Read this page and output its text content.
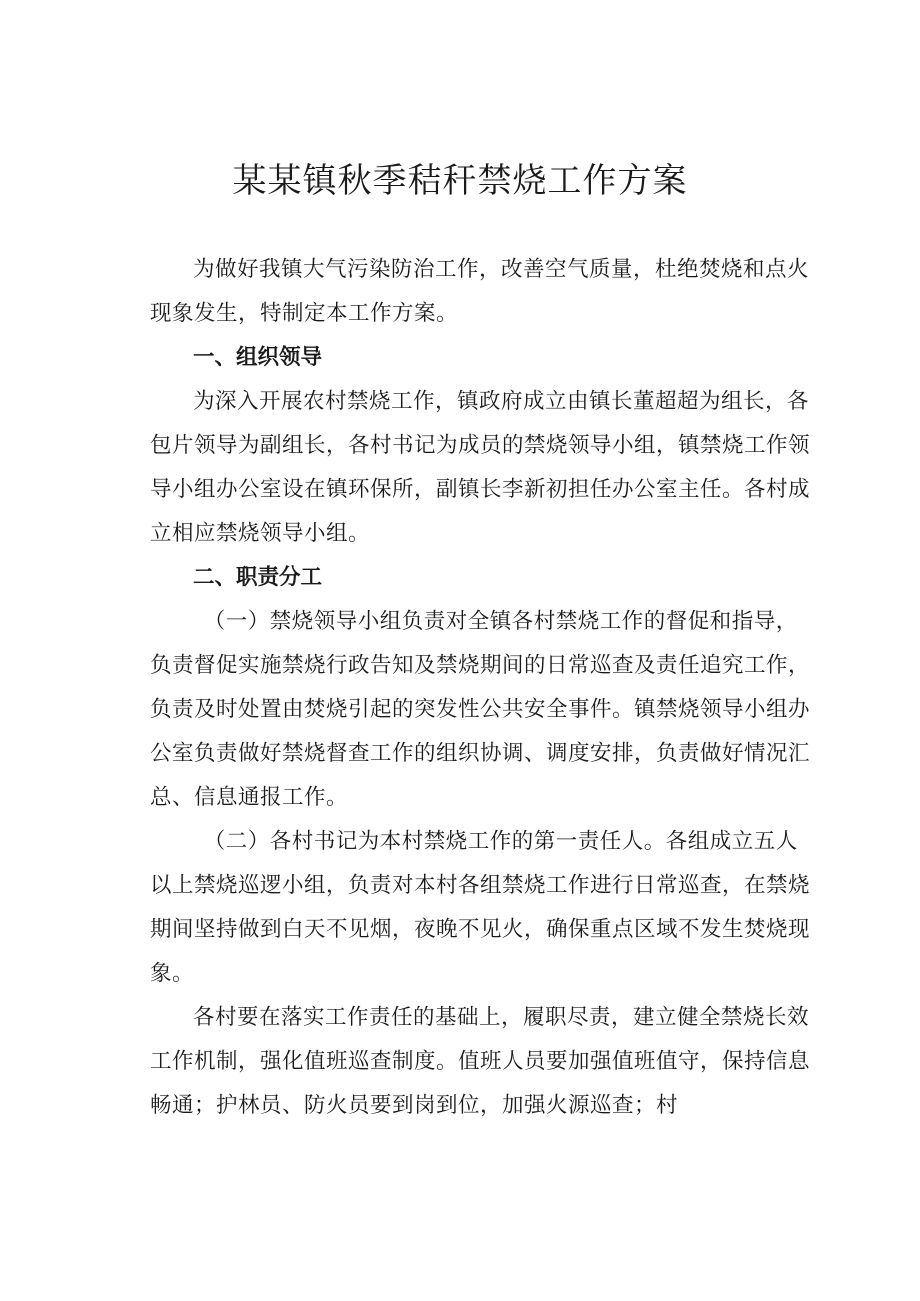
某某镇秋季秸秆禁烧工作方案

为做好我镇大气污染防治工作，改善空气质量，杜绝焚烧和点火现象发生，特制定本工作方案。

一、组织领导

为深入开展农村禁烧工作，镇政府成立由镇长董超超为组长，各包片领导为副组长，各村书记为成员的禁烧领导小组，镇禁烧工作领导小组办公室设在镇环保所，副镇长李新初担任办公室主任。各村成立相应禁烧领导小组。

二、职责分工

（一）禁烧领导小组负责对全镇各村禁烧工作的督促和指导，负责督促实施禁烧行政告知及禁烧期间的日常巡查及责任追究工作，负责及时处置由焚烧引起的突发性公共安全事件。镇禁烧领导小组办公室负责做好禁烧督查工作的组织协调、调度安排，负责做好情况汇总、信息通报工作。

（二）各村书记为本村禁烧工作的第一责任人。各组成立五人以上禁烧巡逻小组，负责对本村各组禁烧工作进行日常巡查，在禁烧期间坚持做到白天不见烟，夜晚不见火，确保重点区域不发生焚烧现象。

各村要在落实工作责任的基础上，履职尽责，建立健全禁烧长效工作机制，强化值班巡查制度。值班人员要加强值班值守，保持信息畅通；护林员、防火员要到岗到位，加强火源巡查；村
